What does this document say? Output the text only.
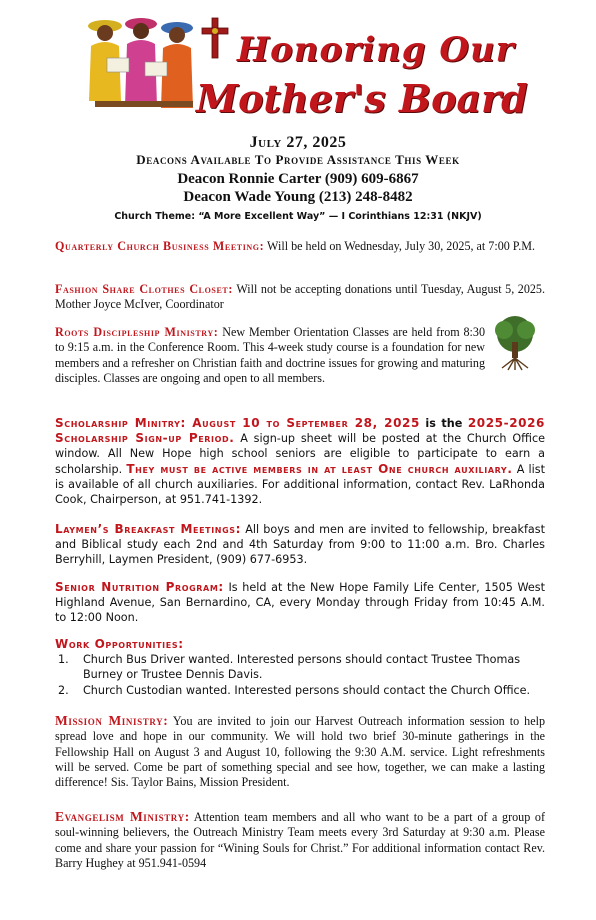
Honoring Our
Mother's Board
July 27, 2025
Deacons Available To Provide Assistance This Week
Deacon Ronnie Carter (909) 609-6867
Deacon Wade Young (213) 248-8482
Church Theme: “A More Excellent Way” — I Corinthians 12:31 (NKJV)

Quarterly Church Business Meeting: Will be held on Wednesday, July 30, 2025, at 7:00 P.M.

Fashion Share Clothes Closet: Will not be accepting donations until Tuesday, August 5, 2025. Mother Joyce McIver, Coordinator

Roots Discipleship Ministry: New Member Orientation Classes are held from 8:30 to 9:15 a.m. in the Conference Room. This 4-week study course is a foundation for new members and a refresher on Christian faith and doctrine issues for growing and maturing disciples. Classes are ongoing and open to all members.

Scholarship Minitry: August 10 to September 28, 2025 is the 2025-2026 Scholarship Sign-up Period. A sign-up sheet will be posted at the Church Office window. All New Hope high school seniors are eligible to participate to earn a scholarship. They must be active members in at least One church auxiliary. A list is available of all church auxiliaries. For additional information, contact Rev. LaRhonda Cook, Chairperson, at 951.741-1392.

Laymen’s Breakfast Meetings: All boys and men are invited to fellowship, breakfast and Biblical study each 2nd and 4th Saturday from 9:00 to 11:00 a.m. Bro. Charles Berryhill, Laymen President, (909) 677-6953.

Senior Nutrition Program: Is held at the New Hope Family Life Center, 1505 West Highland Avenue, San Bernardino, CA, every Monday through Friday from 10:45 A.M. to 12:00 Noon.

Work Opportunities:

1. Church Bus Driver wanted. Interested persons should contact Trustee Thomas Burney or Trustee Dennis Davis.
2. Church Custodian wanted. Interested persons should contact the Church Office.

Mission Ministry: You are invited to join our Harvest Outreach information session to help spread love and hope in our community. We will hold two brief 30-minute gatherings in the Fellowship Hall on August 3 and August 10, following the 9:30 A.M. service. Light refreshments will be served. Come be part of something special and see how, together, we can make a lasting difference! Sis. Taylor Bains, Mission President.

Evangelism Ministry: Attention team members and all who want to be a part of a group of soul-winning believers, the Outreach Ministry Team meets every 3rd Saturday at 9:30 a.m. Please come and share your passion for “Wining Souls for Christ.” For additional information contact Rev. Barry Hughey at 951.941-0594
